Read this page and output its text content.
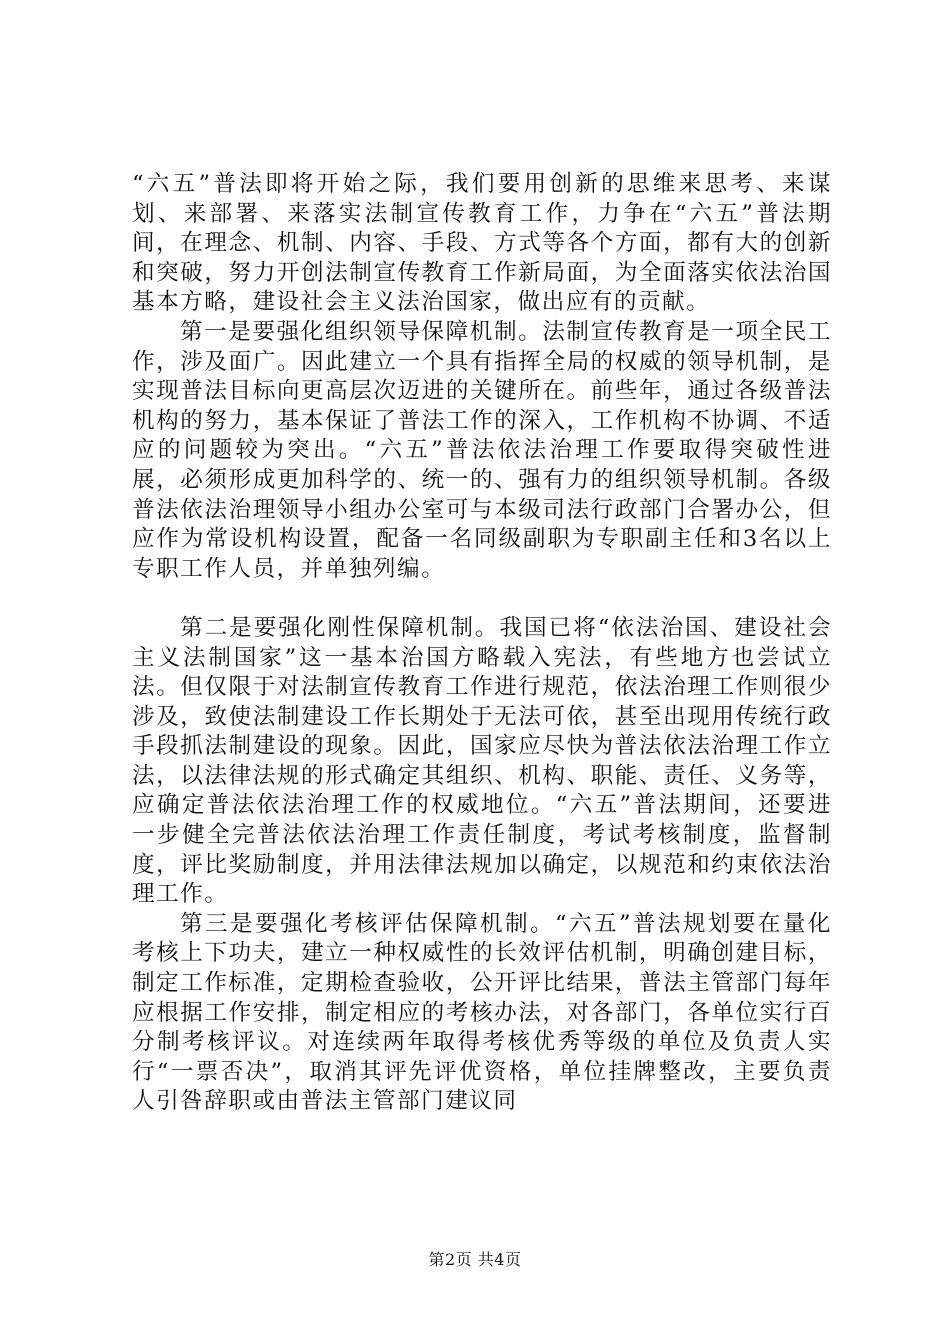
“六五”普法即将开始之际，我们要用创新的思维来思考、来谋划、来部署、来落实法制宣传教育工作，力争在“六五”普法期间，在理念、机制、内容、手段、方式等各个方面，都有大的创新和突破，努力开创法制宣传教育工作新局面，为全面落实依法治国基本方略，建设社会主义法治国家，做出应有的贡献。

第一是要强化组织领导保障机制。法制宣传教育是一项全民工作，涉及面广。因此建立一个具有指挥全局的权威的领导机制，是实现普法目标向更高层次迈进的关键所在。前些年，通过各级普法机构的努力，基本保证了普法工作的深入，工作机构不协调、不适应的问题较为突出。“六五”普法依法治理工作要取得突破性进展，必须形成更加科学的、统一的、强有力的组织领导机制。各级普法依法治理领导小组办公室可与本级司法行政部门合署办公，但应作为常设机构设置，配备一名同级副职为专职副主任和3名以上专职工作人员，并单独列编。

第二是要强化刚性保障机制。我国已将“依法治国、建设社会主义法制国家”这一基本治国方略载入宪法，有些地方也尝试立法。但仅限于对法制宣传教育工作进行规范，依法治理工作则很少涉及，致使法制建设工作长期处于无法可依，甚至出现用传统行政手段抓法制建设的现象。因此，国家应尽快为普法依法治理工作立法，以法律法规的形式确定其组织、机构、职能、责任、义务等，应确定普法依法治理工作的权威地位。“六五”普法期间，还要进一步健全完普法依法治理工作责任制度，考试考核制度，监督制度，评比奖励制度，并用法律法规加以确定，以规范和约束依法治理工作。

第三是要强化考核评估保障机制。“六五”普法规划要在量化考核上下功夫，建立一种权威性的长效评估机制，明确创建目标，制定工作标准，定期检查验收，公开评比结果，普法主管部门每年应根据工作安排，制定相应的考核办法，对各部门，各单位实行百分制考核评议。对连续两年取得考核优秀等级的单位及负责人实行“一票否决”，取消其评先评优资格，单位挂牌整改，主要负责人引咎辞职或由普法主管部门建议同

第2页 共4页
